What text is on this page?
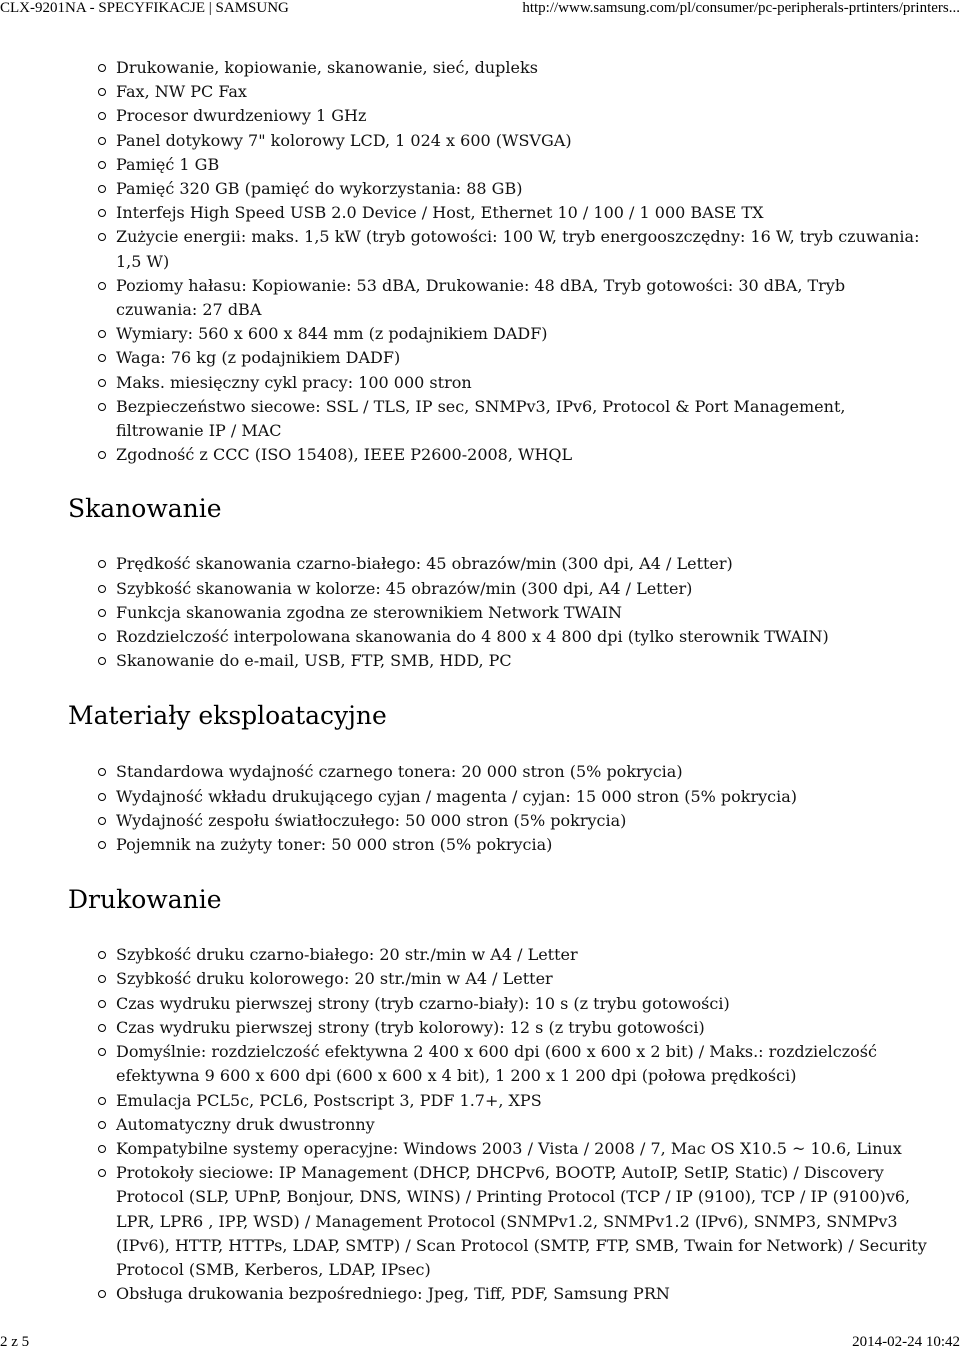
CLX-9201NA - SPECYFIKACJE | SAMSUNG	http://www.samsung.com/pl/consumer/pc-peripherals-prtinters/printers...
Drukowanie, kopiowanie, skanowanie, sieć, dupleks
Fax, NW PC Fax
Procesor dwurdzeniowy 1 GHz
Panel dotykowy 7" kolorowy LCD, 1 024 x 600 (WSVGA)
Pamięć 1 GB
Pamięć 320 GB (pamięć do wykorzystania: 88 GB)
Interfejs High Speed USB 2.0 Device / Host, Ethernet 10 / 100 / 1 000 BASE TX
Zużycie energii: maks. 1,5 kW (tryb gotowości: 100 W, tryb energooszczędny: 16 W, tryb czuwania: 1,5 W)
Poziomy hałasu: Kopiowanie: 53 dBA, Drukowanie: 48 dBA, Tryb gotowości: 30 dBA, Tryb czuwania: 27 dBA
Wymiary: 560 x 600 x 844 mm (z podajnikiem DADF)
Waga: 76 kg (z podajnikiem DADF)
Maks. miesięczny cykl pracy: 100 000 stron
Bezpieczeństwo siecowe: SSL / TLS, IP sec, SNMPv3, IPv6, Protocol & Port Management, filtrowanie IP / MAC
Zgodność z CCC (ISO 15408), IEEE P2600-2008, WHQL
Skanowanie
Prędkość skanowania czarno-białego: 45 obrazów/min (300 dpi, A4 / Letter)
Szybkość skanowania w kolorze: 45 obrazów/min (300 dpi, A4 / Letter)
Funkcja skanowania zgodna ze sterownikiem Network TWAIN
Rozdzielczość interpolowana skanowania do 4 800 x 4 800 dpi (tylko sterownik TWAIN)
Skanowanie do e-mail, USB, FTP, SMB, HDD, PC
Materiały eksploatacyjne
Standardowa wydajność czarnego tonera: 20 000 stron (5% pokrycia)
Wydajność wkładu drukującego cyjan / magenta / cyjan: 15 000 stron (5% pokrycia)
Wydajność zespołu światłoczułego: 50 000 stron (5% pokrycia)
Pojemnik na zużyty toner: 50 000 stron (5% pokrycia)
Drukowanie
Szybkość druku czarno-białego: 20 str./min w A4 / Letter
Szybkość druku kolorowego: 20 str./min w A4 / Letter
Czas wydruku pierwszej strony (tryb czarno-biały): 10 s (z trybu gotowości)
Czas wydruku pierwszej strony (tryb kolorowy): 12 s (z trybu gotowości)
Domyślnie: rozdzielczość efektywna 2 400 x 600 dpi (600 x 600 x 2 bit) / Maks.: rozdzielczość efektywna 9 600 x 600 dpi (600 x 600 x 4 bit), 1 200 x 1 200 dpi (połowa prędkości)
Emulacja PCL5c, PCL6, Postscript 3, PDF 1.7+, XPS
Automatyczny druk dwustronny
Kompatybilne systemy operacyjne: Windows 2003 / Vista / 2008 / 7, Mac OS X10.5 ~ 10.6, Linux
Protokoły sieciowe: IP Management (DHCP, DHCPv6, BOOTP, AutoIP, SetIP, Static) / Discovery Protocol (SLP, UPnP, Bonjour, DNS, WINS) / Printing Protocol (TCP / IP (9100), TCP / IP (9100)v6, LPR, LPR6 , IPP, WSD) / Management Protocol (SNMPv1.2, SNMPv1.2 (IPv6), SNMP3, SNMPv3 (IPv6), HTTP, HTTPs, LDAP, SMTP) / Scan Protocol (SMTP, FTP, SMB, Twain for Network) / Security Protocol (SMB, Kerberos, LDAP, IPsec)
Obsługa drukowania bezpośredniego: Jpeg, Tiff, PDF, Samsung PRN
2 z 5	2014-02-24 10:42
